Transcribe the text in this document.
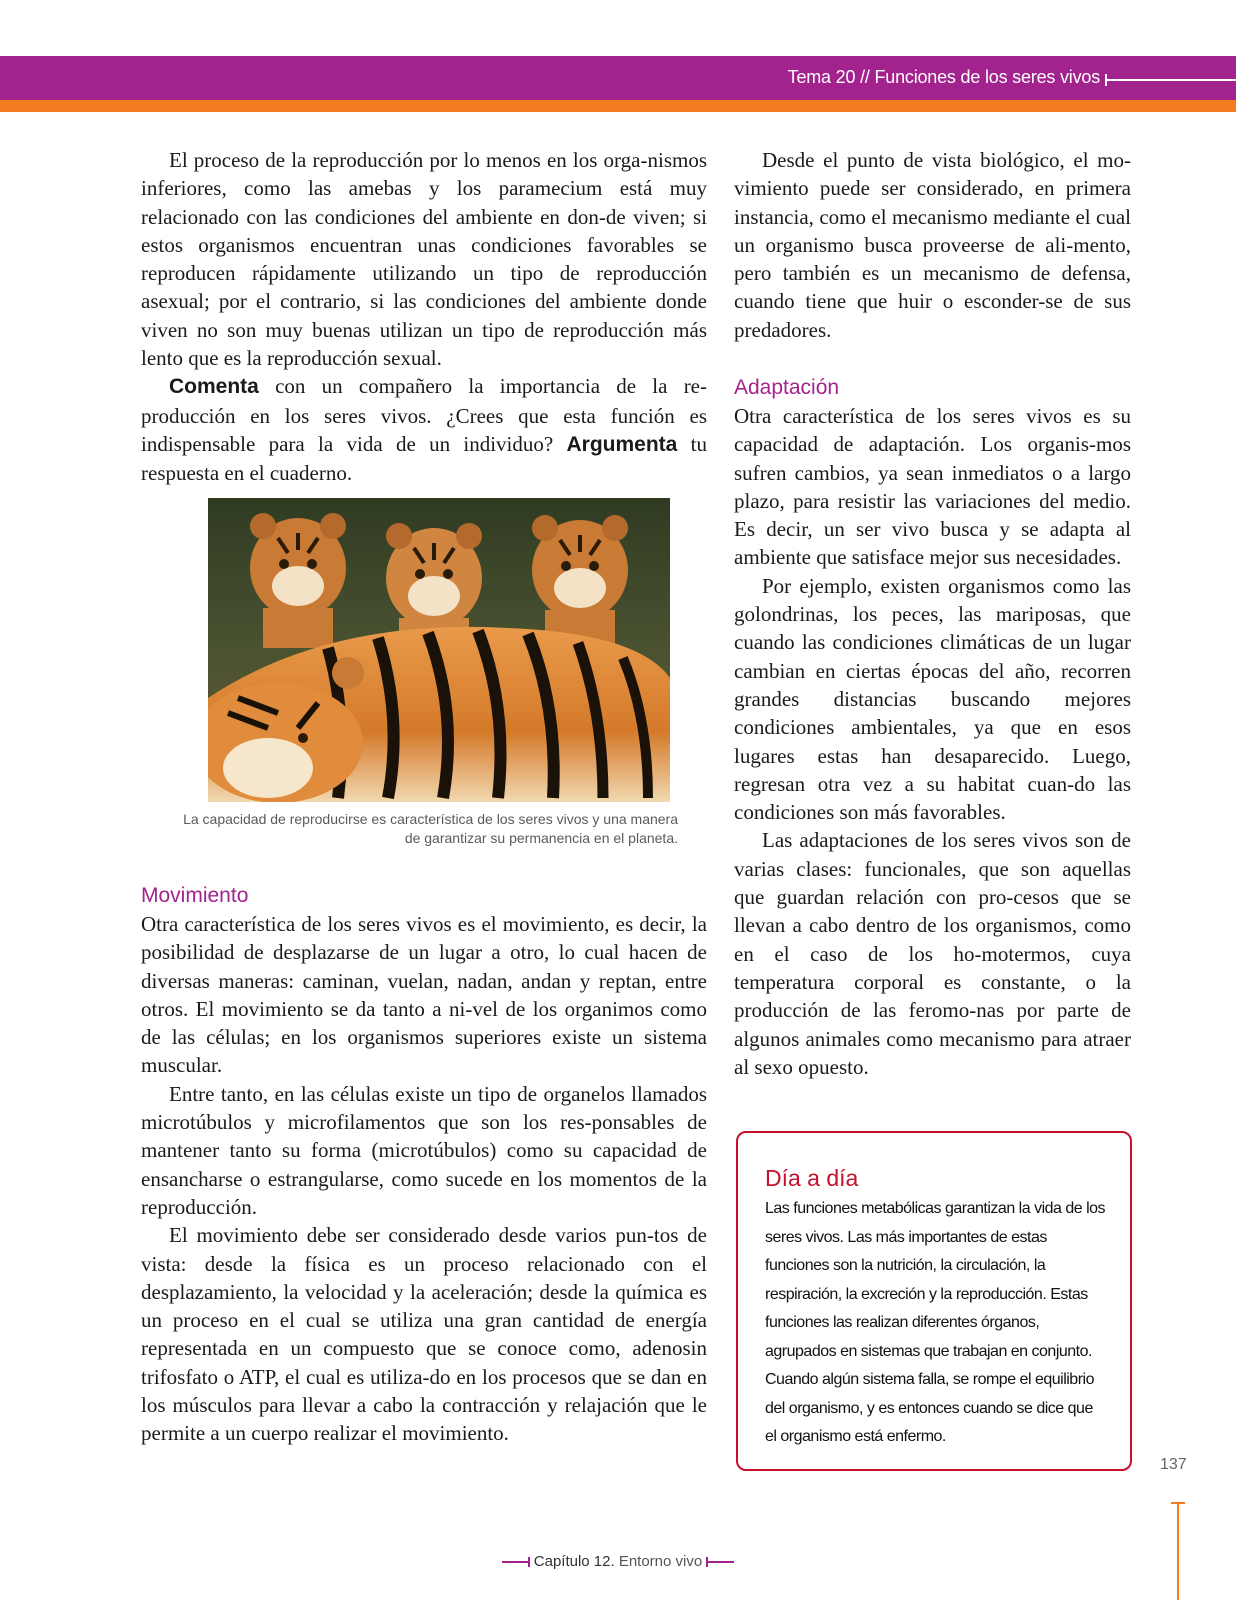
Tema 20 // Funciones de los seres vivos

El proceso de la reproducción por lo menos en los orga-nismos inferiores, como las amebas y los paramecium está muy relacionado con las condiciones del ambiente en don-de viven; si estos organismos encuentran unas condiciones favorables se reproducen rápidamente utilizando un tipo de reproducción asexual; por el contrario, si las condiciones del ambiente donde viven no son muy buenas utilizan un tipo de reproducción más lento que es la reproducción sexual.

Comenta con un compañero la importancia de la re-producción en los seres vivos. ¿Crees que esta función es indispensable para la vida de un individuo? Argumenta tu respuesta en el cuaderno.

La capacidad de reproducirse es característica de los seres vivos y una manera de garantizar su permanencia en el planeta.
Movimiento

Otra característica de los seres vivos es el movimiento, es decir, la posibilidad de desplazarse de un lugar a otro, lo cual hacen de diversas maneras: caminan, vuelan, nadan, andan y reptan, entre otros. El movimiento se da tanto a ni-vel de los organimos como de las células; en los organismos superiores existe un sistema muscular.

Entre tanto, en las células existe un tipo de organelos llamados microtúbulos y microfilamentos que son los res-ponsables de mantener tanto su forma (microtúbulos) como su capacidad de ensancharse o estrangularse, como sucede en los momentos de la reproducción.

El movimiento debe ser considerado desde varios pun-tos de vista: desde la física es un proceso relacionado con el desplazamiento, la velocidad y la aceleración; desde la química es un proceso en el cual se utiliza una gran cantidad de energía representada en un compuesto que se conoce como, adenosin trifosfato o ATP, el cual es utiliza-do en los procesos que se dan en los músculos para llevar a cabo la contracción y relajación que le permite a un cuerpo realizar el movimiento.

Desde el punto de vista biológico, el mo-vimiento puede ser considerado, en primera instancia, como el mecanismo mediante el cual un organismo busca proveerse de ali-mento, pero también es un mecanismo de defensa, cuando tiene que huir o esconder-se de sus predadores.

Adaptación

Otra característica de los seres vivos es su capacidad de adaptación. Los organis-mos sufren cambios, ya sean inmediatos o a largo plazo, para resistir las variaciones del medio. Es decir, un ser vivo busca y se adapta al ambiente que satisface mejor sus necesidades.

Por ejemplo, existen organismos como las golondrinas, los peces, las mariposas, que cuando las condiciones climáticas de un lugar cambian en ciertas épocas del año, recorren grandes distancias buscando mejores condiciones ambientales, ya que en esos lugares estas han desaparecido. Luego, regresan otra vez a su habitat cuan-do las condiciones son más favorables.

Las adaptaciones de los seres vivos son de varias clases: funcionales, que son aquellas que guardan relación con pro-cesos que se llevan a cabo dentro de los organismos, como en el caso de los ho-motermos, cuya temperatura corporal es constante, o la producción de las feromo-nas por parte de algunos animales como mecanismo para atraer al sexo opuesto.

Día a día
Las funciones metabólicas garantizan la vida de los seres vivos. Las más importantes de estas funciones son la nutrición, la circulación, la respiración, la excreción y la reproducción. Estas funciones las realizan diferentes órganos, agrupados en sistemas que trabajan en conjunto. Cuando algún sistema falla, se rompe el equilibrio del organismo, y es entonces cuando se dice que el organismo está enfermo.
137
Capítulo 12. Entorno vivo
